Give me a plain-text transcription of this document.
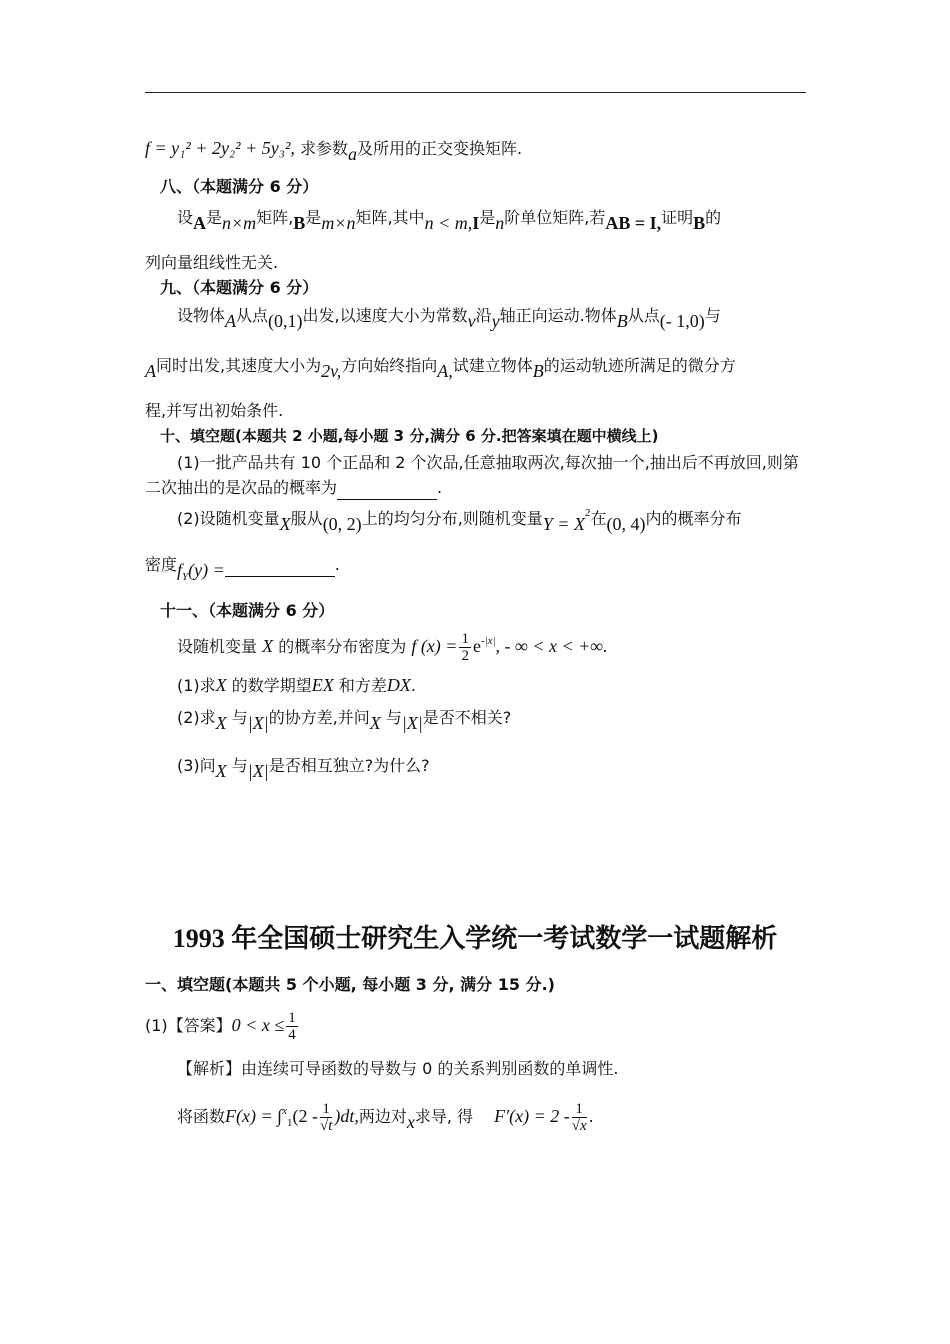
f = y₁² + 2y₂² + 5y₃², 求参数a及所用的正交变换矩阵.
八、（本题满分 6 分）
设A是n×m矩阵,B是m×n矩阵,其中n < m,I是n阶单位矩阵,若AB = I,证明B的
列向量组线性无关.
九、（本题满分 6 分）
设物体A从点(0,1)出发,以速度大小为常数v沿y轴正向运动.物体B从点(- 1,0)与
A同时出发,其速度大小为2v,方向始终指向A,试建立物体B的运动轨迹所满足的微分方
程,并写出初始条件.
十、填空题(本题共 2 小题,每小题 3 分,满分 6 分.把答案填在题中横线上)
(1)一批产品共有 10 个正品和 2 个次品,任意抽取两次,每次抽一个,抽出后不再放回,则第
二次抽出的是次品的概率为	.
(2)设随机变量X服从(0, 2)上的均匀分布,则随机变量$Y = X^2$在(0, 4)内的概率分布
密度$f_Y(y)$ =	.
十一、（本题满分 6 分）
设随机变量 X 的概率分布密度为 f $(x) = \frac{1}{2} e^{-|x|}$, - ∞ < x < +∞.
(1)求X 的数学期望EX 和方差DX.
(2)求X 与|X|的协方差,并问X 与|X|是否不相关?
(3)问X 与|X|是否相互独立?为什么?
1993 年全国硕士研究生入学统一考试数学一试题解析
一、填空题(本题共 5 个小题, 每小题 3 分, 满分 15 分.)
(1)【答案】$0 < x \le \frac{1}{4}$
【解析】由连续可导函数的导数与 0 的关系判别函数的单调性.
将函数$F(x) = \int^x_1(2 - \frac{1}{√t} )dt$,两边对x求导, 得 $F'(x) = 2 - \frac{1}{√x}$ .
